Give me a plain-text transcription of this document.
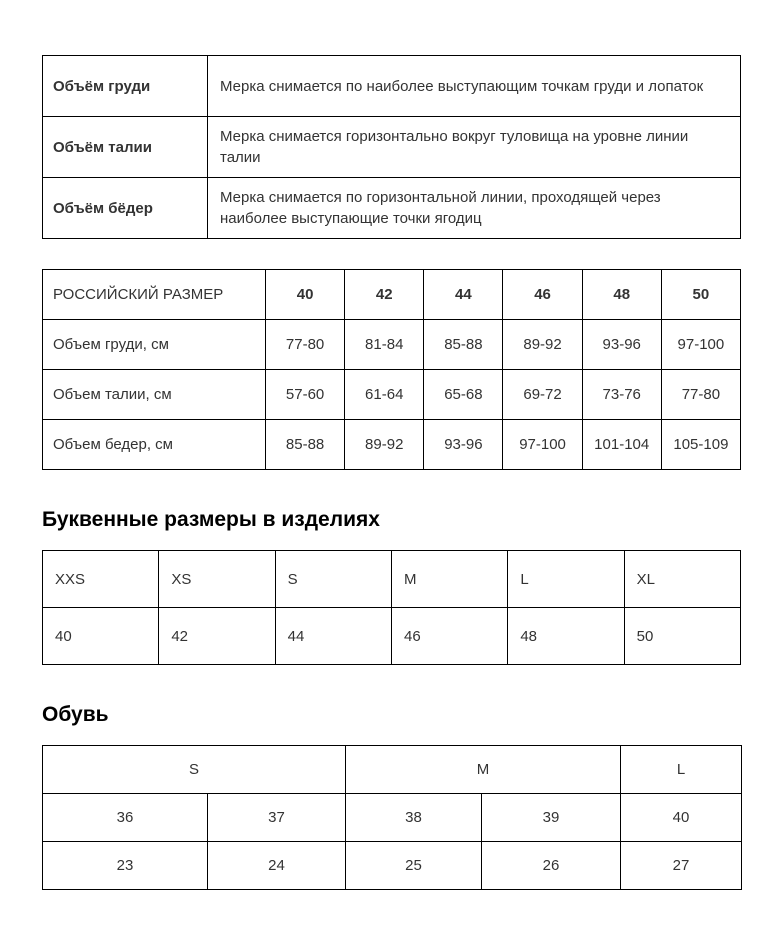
Объём груди	Мерка снимается по наиболее выступающим точкам груди и лопаток
Объём талии	Мерка снимается горизонтально вокруг туловища на уровне линии талии
Объём бёдер	Мерка снимается по горизонтальной линии, проходящей через наиболее выступающие точки ягодиц
РОССИЙСКИЙ РАЗМЕР	40	42	44	46	48	50
Объем груди, см	77-80	81-84	85-88	89-92	93-96	97-100
Объем талии, см	57-60	61-64	65-68	69-72	73-76	77-80
Объем бедер, см	85-88	89-92	93-96	97-100	101-104	105-109
Буквенные размеры в изделиях
XXS	XS	S	M	L	XL
40	42	44	46	48	50
Обувь
S		M		L
36	37	38	39	40
23	24	25	26	27
